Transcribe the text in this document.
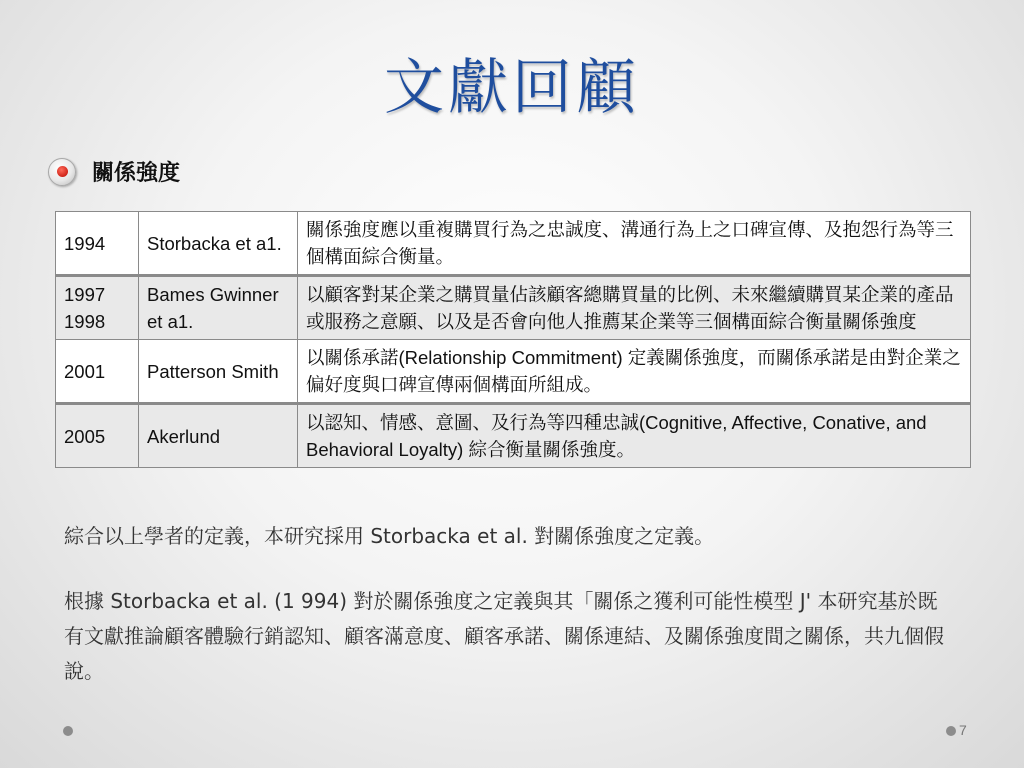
文獻回顧
關係強度
1994	Storbacka et a1.	關係強度應以重複購買行為之忠誠度、溝通行為上之口碑宣傳、及抱怨行為等三個構面綜合衡量。
1997 1998	Bames Gwinner et a1.	以顧客對某企業之購買量佔該顧客總購買量的比例、未來繼續購買某企業的產品或服務之意願、以及是否會向他人推薦某企業等三個構面綜合衡量關係強度
2001	Patterson Smith	以關係承諾(Relationship Commitment) 定義關係強度，而關係承諾是由對企業之偏好度與口碑宣傳兩個構面所組成。
2005	Akerlund	以認知、情感、意圖、及行為等四種忠誠(Cognitive, Affective, Conative, and Behavioral Loyalty) 綜合衡量關係強度。
綜合以上學者的定義，本研究採用 Storbacka et al. 對關係強度之定義。
根據 Storbacka et al. (1 994) 對於關係強度之定義與其「關係之獲利可能性模型 J' 本研究基於既有文獻推論顧客體驗行銷認知、顧客滿意度、顧客承諾、關係連結、及關係強度間之關係，共九個假說。
7
